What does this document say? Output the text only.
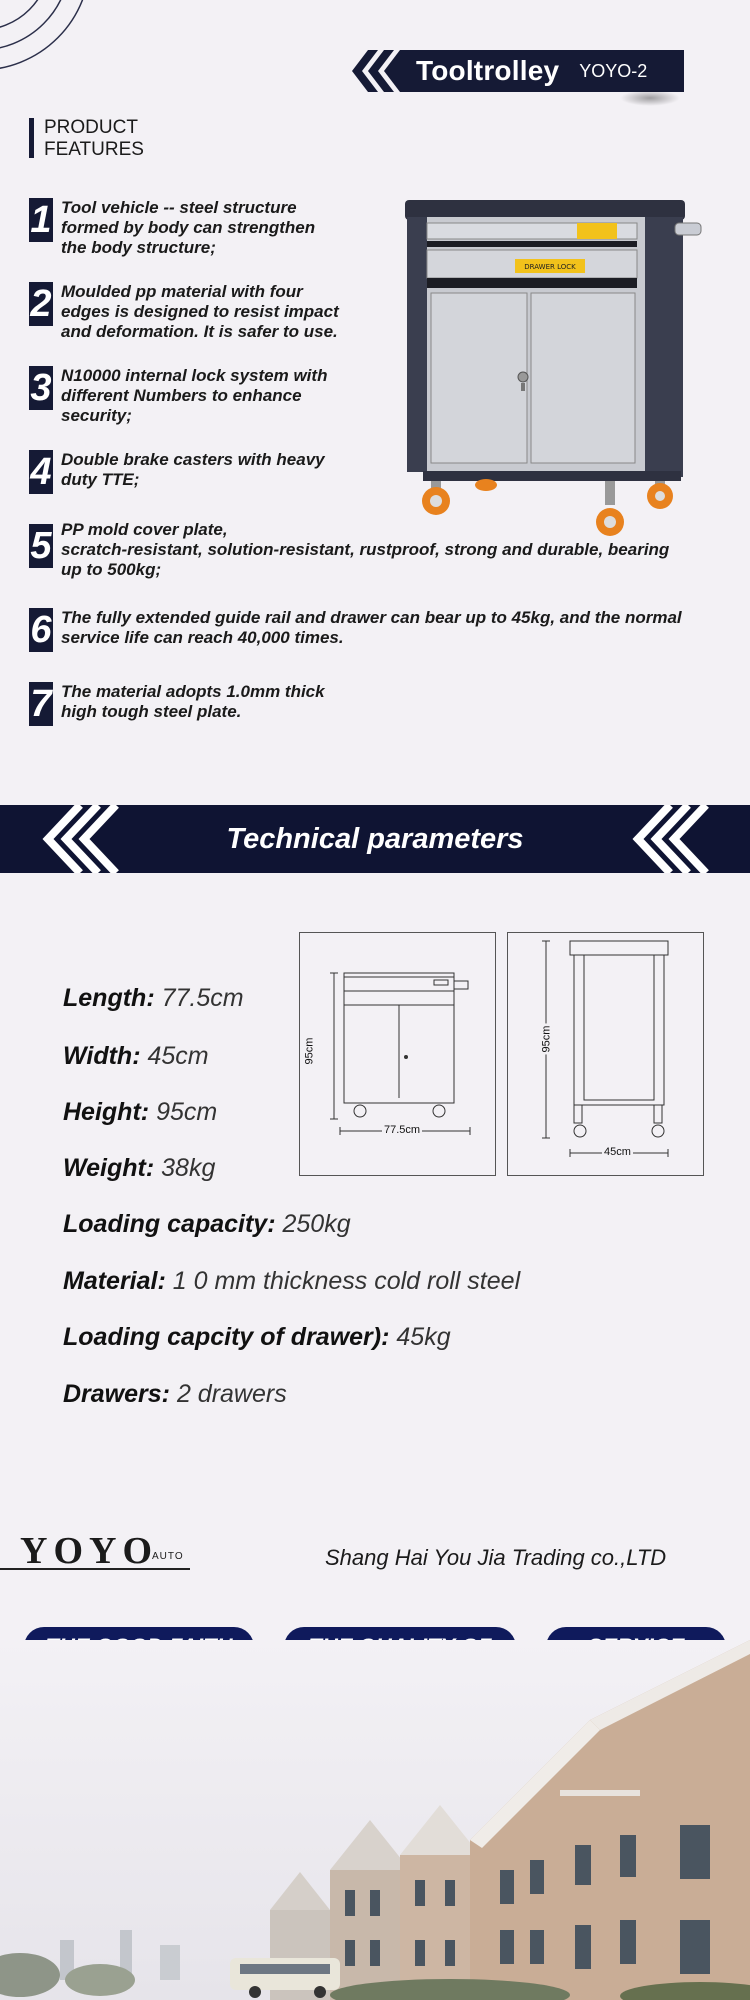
Tooltrolley YOYO-2
PRODUCT
FEATURES
1 Tool vehicle -- steel structure
formed by body can strengthen
the body structure;
2 Moulded pp material with four
edges is designed to resist impact
and deformation. It is safer to use.
3 N10000 internal lock system with
different Numbers to enhance
security;
4 Double brake casters with heavy
duty TTE;
5 PP mold cover plate,
scratch-resistant, solution-resistant, rustproof, strong and durable, bearing
up to 500kg;
6 The fully extended guide rail and drawer can bear up to 45kg, and the normal
service life can reach 40,000 times.
7 The material adopts 1.0mm thick
high tough steel plate.
DRAWER LOCK
Technical parameters
Length: 77.5cm
Width: 45cm
Height: 95cm
Weight: 38kg
Loading capacity: 250kg
Material: 1 0 mm thickness cold roll steel
Loading capcity of drawer): 45kg
Drawers: 2 drawers
95cm
77.5cm
95cm
45cm
YOYO
AUTO	Shang Hai You Jia Trading co.,LTD
